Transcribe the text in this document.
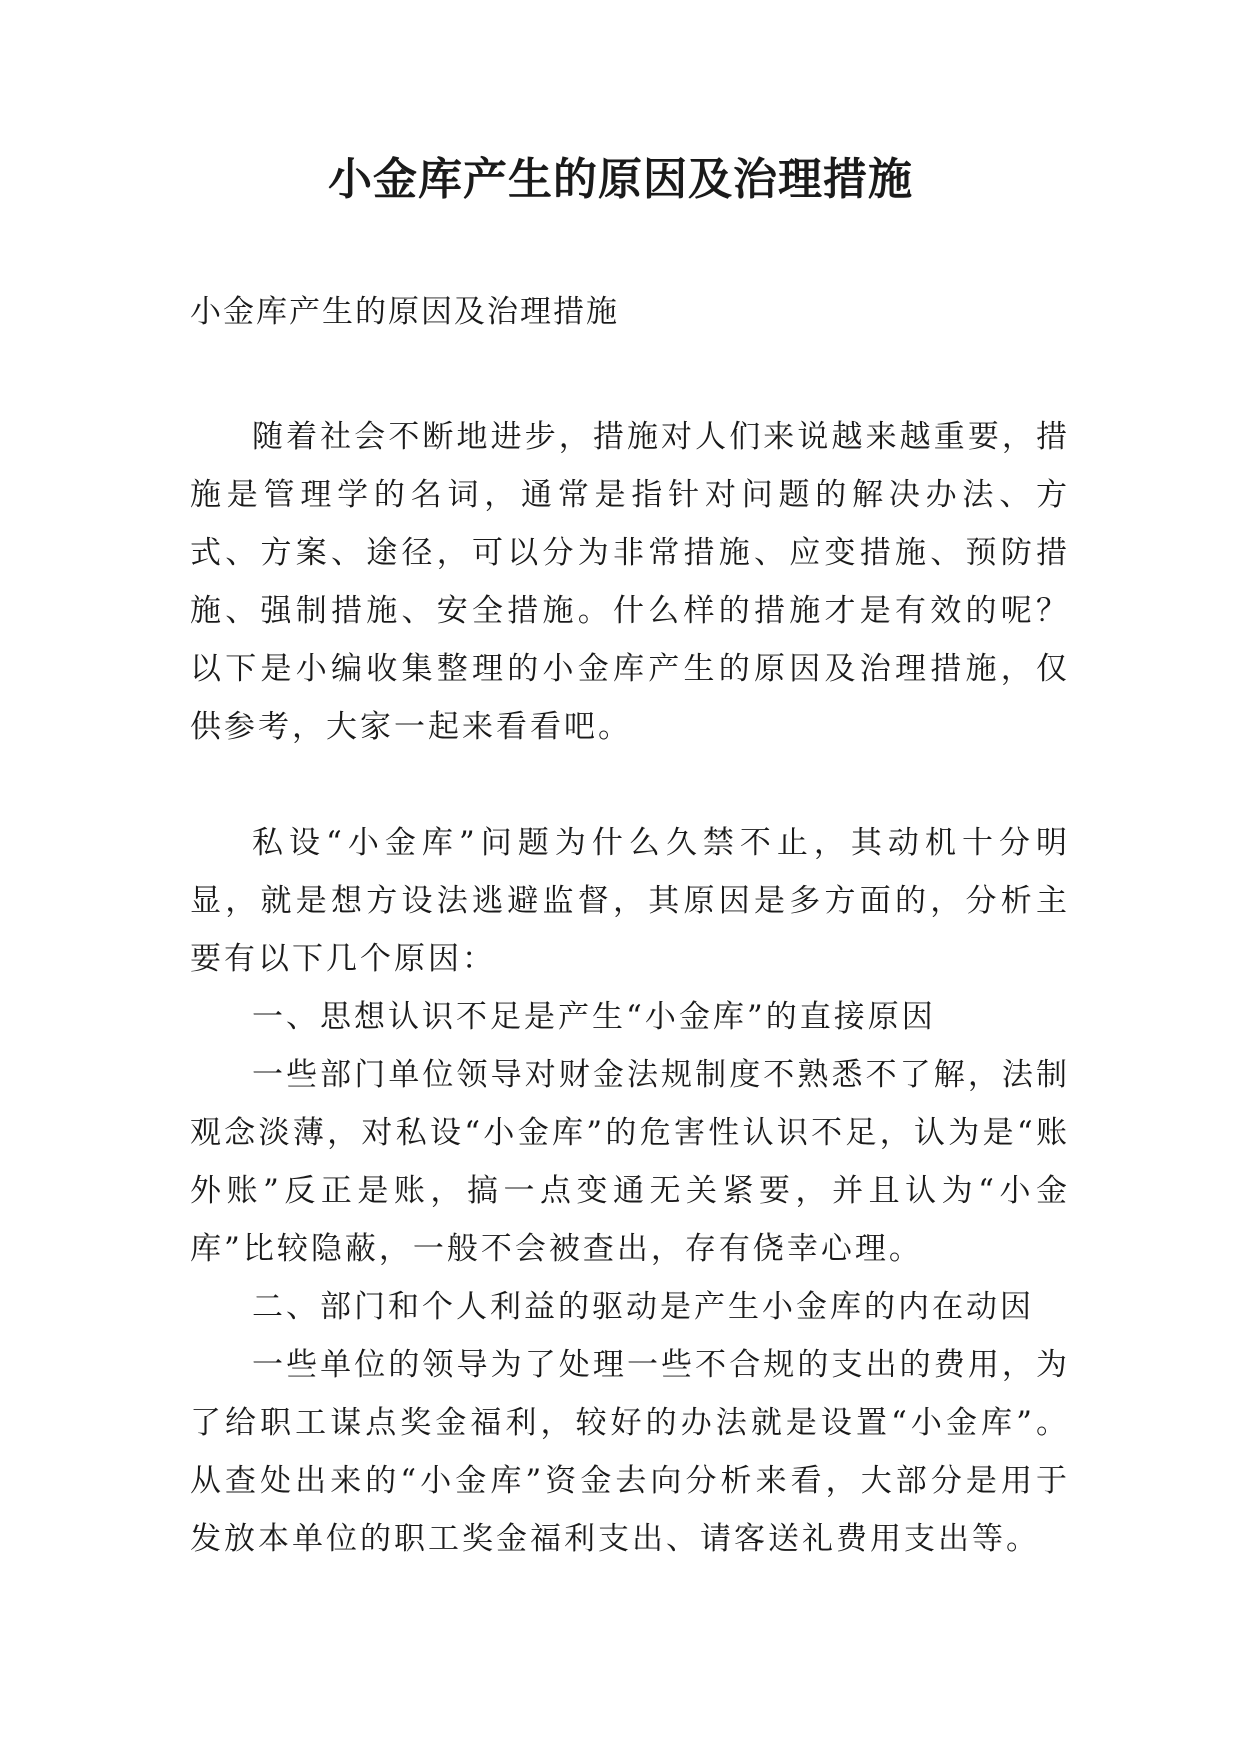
小金库产生的原因及治理措施
小金库产生的原因及治理措施

随着社会不断地进步，措施对人们来说越来越重要，措施是管理学的名词，通常是指针对问题的解决办法、方式、方案、途径，可以分为非常措施、应变措施、预防措施、强制措施、安全措施。什么样的措施才是有效的呢？以下是小编收集整理的小金库产生的原因及治理措施，仅供参考，大家一起来看看吧。

私设“小金库”问题为什么久禁不止，其动机十分明显，就是想方设法逃避监督，其原因是多方面的，分析主要有以下几个原因：

一、思想认识不足是产生“小金库”的直接原因

一些部门单位领导对财金法规制度不熟悉不了解，法制观念淡薄，对私设“小金库”的危害性认识不足，认为是“账外账”反正是账，搞一点变通无关紧要，并且认为“小金库”比较隐蔽，一般不会被查出，存有侥幸心理。

二、部门和个人利益的驱动是产生小金库的内在动因

一些单位的领导为了处理一些不合规的支出的费用，为了给职工谋点奖金福利，较好的办法就是设置“小金库”。从查处出来的“小金库”资金去向分析来看，大部分是用于发放本单位的职工奖金福利支出、请客送礼费用支出等。
